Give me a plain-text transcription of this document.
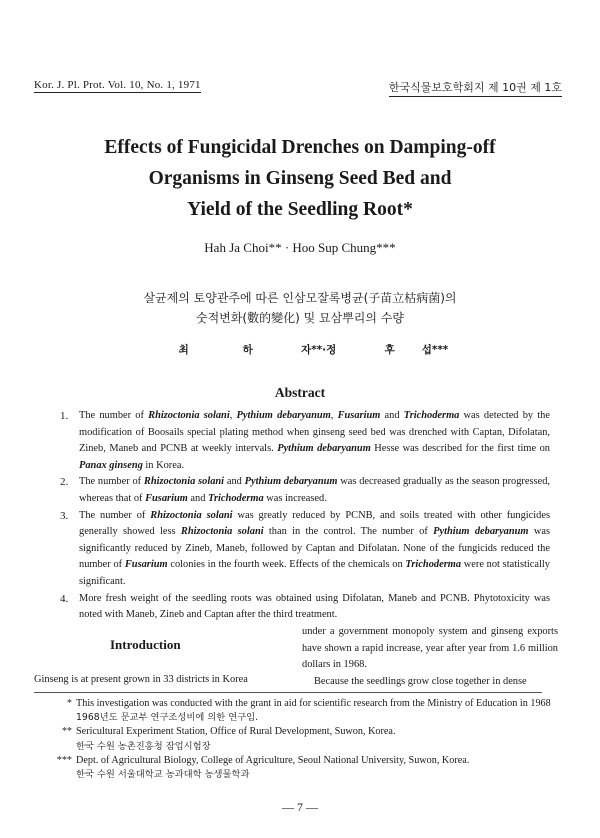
Kor. J. Pl. Prot. Vol. 10, No. 1, 1971	한국식물보호학회지 제 10권 제 1호
Effects of Fungicidal Drenches on Damping-off
Organisms in Ginseng Seed Bed and
Yield of the Seedling Root*
Hah Ja Choi** · Hoo Sup Chung***
살균제의 토양관주에 따른 인삼모잘록병균(子苗立枯病菌)의
숫적변화(數的變化) 및 묘삼뿌리의 수량
최	하	자**·정	후	섭***
Abstract
1. The number of Rhizoctonia solani, Pythium debaryanum, Fusarium and Trichoderma was detected by the modification of Boosails special plating method when ginseng seed bed was drenched with Captan, Difolatan, Zineb, Maneb and PCNB at weekly intervals. Pythium debaryanum Hesse was described for the first time on Panax ginseng in Korea.
2. The number of Rhizoctonia solani and Pythium debaryanum was decreased gradually as the season progressed, whereas that of Fusarium and Trichoderma was increased.
3. The number of Rhizoctonia solani was greatly reduced by PCNB, and soils treated with other fungicides generally showed less Rhizoctonia solani than in the control. The number of Pythium debaryanum was significantly reduced by Zineb, Maneb, followed by Captan and Difolatan. None of the fungicids reduced the number of Fusarium colonies in the fourth week. Effects of the chemicals on Trichoderma were not statistically significant.
4. More fresh weight of the seedling roots was obtained using Difolatan, Maneb and PCNB. Phytotoxicity was noted with Maneb, Zineb and Captan after the third treatment.
Introduction
Ginseng is at present grown in 33 districts in Korea
under a government monopoly system and ginseng exports have shown a rapid increase, year after year from 1.6 million dollars in 1968.
Because the seedlings grow close together in dense
* This investigation was conducted with the grant in aid for scientific research from the Ministry of Education in 1968
1968년도 문교부 연구조성비에 의한 연구임.
** Sericultural Experiment Station, Office of Rural Development, Suwon, Korea.
한국 수원 농촌진흥청 잠업시험장
*** Dept. of Agricultural Biology, College of Agriculture, Seoul National University, Suwon, Korea.
한국 수원 서울대학교 농과대학 농생물학과
— 7 —
